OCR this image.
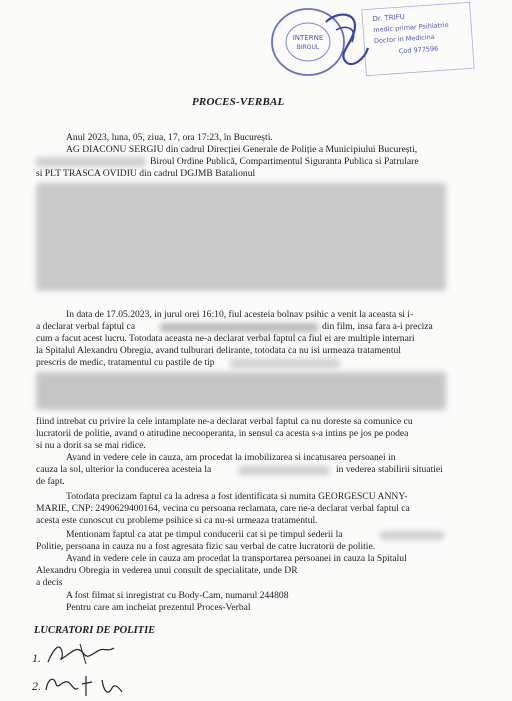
INTERNE
BIROUL
Dr. TRIFU
medic primar Psihiatrie
Doctor in Medicina
Cod 977596
PROCES-VERBAL
Anul 2023, luna, 05, ziua, 17, ora 17:23, în București.
AG DIACONU SERGIU din cadrul Direcției Generale de Poliție a Municipiului București,
Biroul Ordine Publică, Compartimentul Siguranta Publica si Patrulare
si PLT TRASCA OVIDIU din cadrul DGJMB Batalionul
In data de 17.05.2023, in jurul orei 16:10, fiul acesteia bolnav psihic a venit la aceasta si i-
a declarat verbal faptul ca	din film, insa fara a-i preciza
cum a facut acest lucru. Totodata aceasta ne-a declarat verbal faptul ca fiul ei are multiple internari
la Spitalul Alexandru Obregia, avand tulburari delirante, totodata ca nu isi urmeaza tratamentul
prescris de medic, tratamentul cu pastile de tip
fiind intrebat cu privire la cele intamplate ne-a declarat verbal faptul ca nu doreste sa comunice cu
lucratorii de politie, avand o atitudine necooperanta, in sensul ca acesta s-a intins pe jos pe podea
si nu a dorit sa se mai ridice.
Avand in vedere cele in cauza, am procedat la imobilizarea si incatusarea persoanei in
cauza la sol, ulterior la conducerea acesteia la	in vederea stabilirii situatiei
de fapt.
Totodata precizam faptul ca la adresa a fost identificata si numita GEORGESCU ANNY-
MARIE, CNP: 2490629400164, vecina cu persoana reclamata, care ne-a declarat verbal faptul ca
acesta este cunoscut cu probleme psihice si ca nu-si urmeaza tratamentul.
Mentionam faptul ca atat pe timpul conducerii cat si pe timpul sederii la
Politie, persoana in cauza nu a fost agresata fizic sau verbal de catre lucratorii de politie.
Avand in vedere cele in cauza am procedat la transportarea persoanei in cauza la Spitalul
Alexandru Obregia in vederea unui consult de specialitate, unde DR
a decis
A fost filmat si inregistrat cu Body-Cam, numarul 244808
Pentru care am incheiat prezentul Proces-Verbal
LUCRATORI DE POLITIE
1.
2.
